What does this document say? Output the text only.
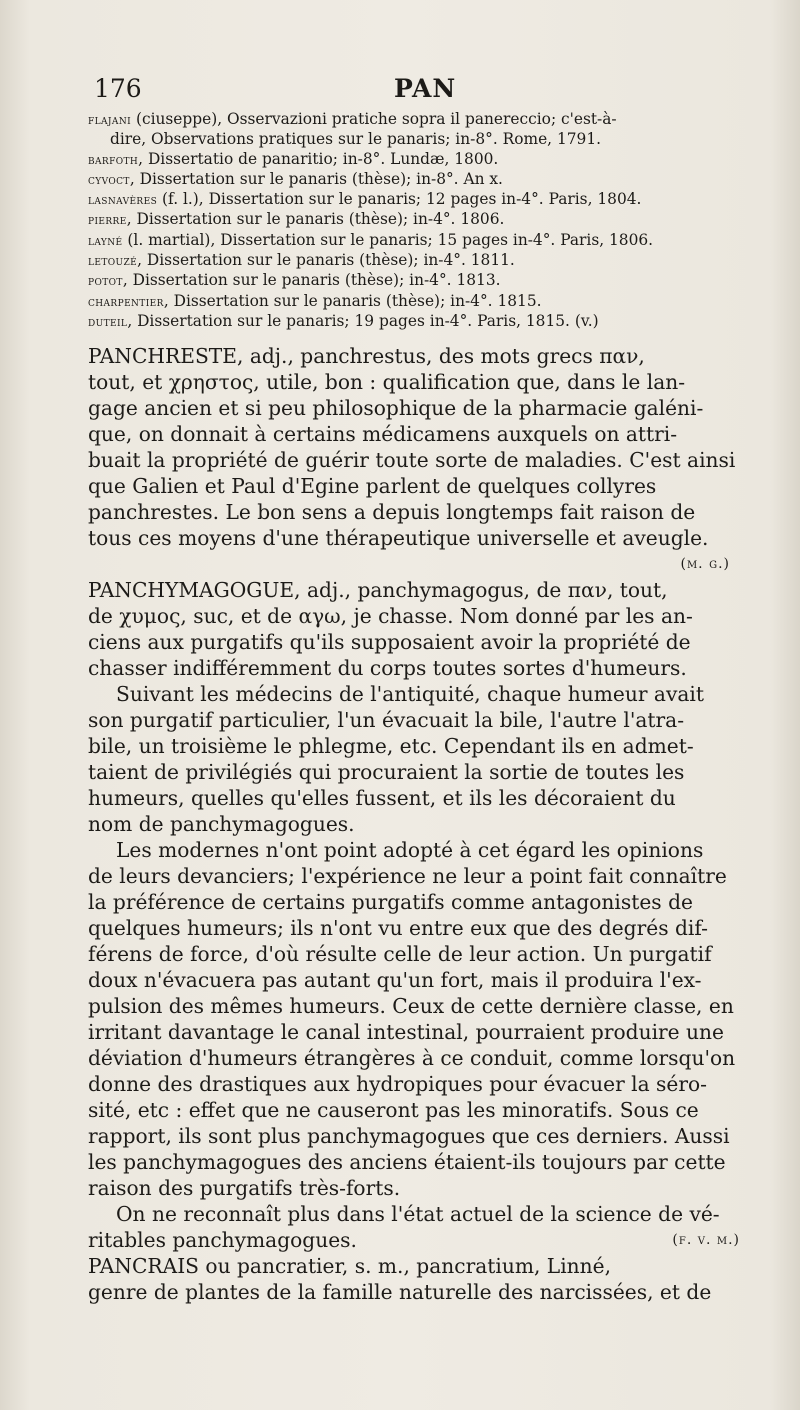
176	PAN
flajani (ciuseppe), Osservazioni pratiche sopra il panereccio; c'est-à-
dire, Observations pratiques sur le panaris; in-8°. Rome, 1791.
barfoth, Dissertatio de panaritio; in-8°. Lundæ, 1800.
cyvoct, Dissertation sur le panaris (thèse); in-8°. An x.
lasnavères (f. l.), Dissertation sur le panaris; 12 pages in-4°. Paris, 1804.
pierre, Dissertation sur le panaris (thèse); in-4°. 1806.
layné (l. martial), Dissertation sur le panaris; 15 pages in-4°. Paris, 1806.
letouzé, Dissertation sur le panaris (thèse); in-4°. 1811.
potot, Dissertation sur le panaris (thèse); in-4°. 1813.
charpentier, Dissertation sur le panaris (thèse); in-4°. 1815.
duteil, Dissertation sur le panaris; 19 pages in-4°. Paris, 1815. (v.)
PANCHRESTE, adj., panchrestus, des mots grecs παν,
tout, et χρηστος, utile, bon : qualification que, dans le lan-
gage ancien et si peu philosophique de la pharmacie galéni-
que, on donnait à certains médicamens auxquels on attri-
buait la propriété de guérir toute sorte de maladies. C'est ainsi
que Galien et Paul d'Egine parlent de quelques collyres
panchrestes. Le bon sens a depuis longtemps fait raison de
tous ces moyens d'une thérapeutique universelle et aveugle.
(m. g.)
PANCHYMAGOGUE, adj., panchymagogus, de παν, tout,
de χυμος, suc, et de αγω, je chasse. Nom donné par les an-
ciens aux purgatifs qu'ils supposaient avoir la propriété de
chasser indifféremment du corps toutes sortes d'humeurs.
Suivant les médecins de l'antiquité, chaque humeur avait
son purgatif particulier, l'un évacuait la bile, l'autre l'atra-
bile, un troisième le phlegme, etc. Cependant ils en admet-
taient de privilégiés qui procuraient la sortie de toutes les
humeurs, quelles qu'elles fussent, et ils les décoraient du
nom de panchymagogues.
Les modernes n'ont point adopté à cet égard les opinions
de leurs devanciers; l'expérience ne leur a point fait connaître
la préférence de certains purgatifs comme antagonistes de
quelques humeurs; ils n'ont vu entre eux que des degrés dif-
férens de force, d'où résulte celle de leur action. Un purgatif
doux n'évacuera pas autant qu'un fort, mais il produira l'ex-
pulsion des mêmes humeurs. Ceux de cette dernière classe, en
irritant davantage le canal intestinal, pourraient produire une
déviation d'humeurs étrangères à ce conduit, comme lorsqu'on
donne des drastiques aux hydropiques pour évacuer la séro-
sité, etc : effet que ne causeront pas les minoratifs. Sous ce
rapport, ils sont plus panchymagogues que ces derniers. Aussi
les panchymagogues des anciens étaient-ils toujours par cette
raison des purgatifs très-forts.
On ne reconnaît plus dans l'état actuel de la science de vé-
ritables panchymagogues.	(f. v. m.)
PANCRAIS ou pancratier, s. m., pancratium, Linné,
genre de plantes de la famille naturelle des narcissées, et de
